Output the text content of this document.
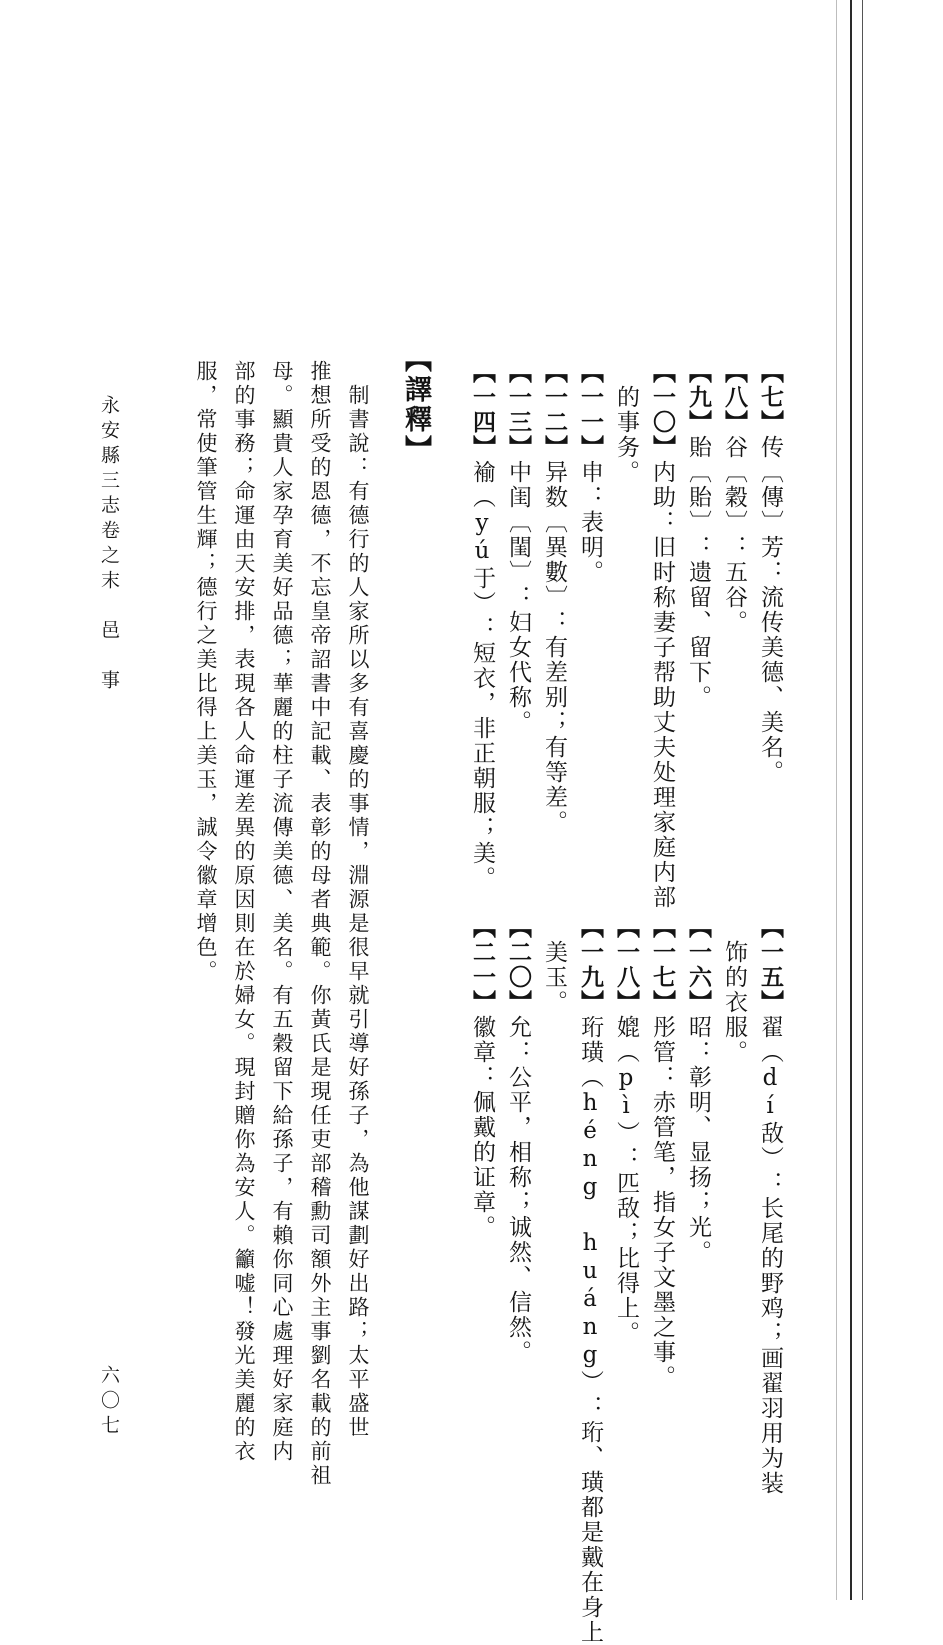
【七】传〔傳〕芳：流传美德、美名。
【八】谷〔穀〕：五谷。
【九】貽〔貽〕：遗留、留下。
【一〇】内助：旧时称妻子帮助丈夫处理家庭内部
　的事务。
【一一】申：表明。
【一二】异数〔異數〕：有差别；有等差。
【一三】中闺〔閨〕：妇女代称。
【一四】褕（yú于）：短衣，非正朝服；美。
【一五】翟（dí敌）：长尾的野鸡；画翟羽用为装
　饰的衣服。
【一六】昭：彰明、显扬；光。
【一七】彤管：赤管笔，指女子文墨之事。
【一八】媲（pì）：匹敌；比得上。
【一九】珩璜（héng huáng）：珩、璜都是戴在身上
　美玉。
【二〇】允：公平，相称；诚然、信然。
【二一】徽章：佩戴的证章。
【譯釋】
　制書說：有德行的人家所以多有喜慶的事情，淵源是很早就引導好孫子，為他謀劃好出路；太平盛世
推想所受的恩德，不忘皇帝詔書中記載、表彰的母者典範。你黃氏是現任吏部稽勳司額外主事劉名載的前祖
母。顯貴人家孕育美好品德；華麗的柱子流傳美德、美名。有五穀留下給孫子，有賴你同心處理好家庭内
部的事務；命運由天安排，表現各人命運差異的原因則在於婦女。現封贈你為安人。籲嘘！發光美麗的衣
服，常使筆管生輝；德行之美比得上美玉，誠令徽章增色。
永安縣三志卷之末　邑　事
六〇七
